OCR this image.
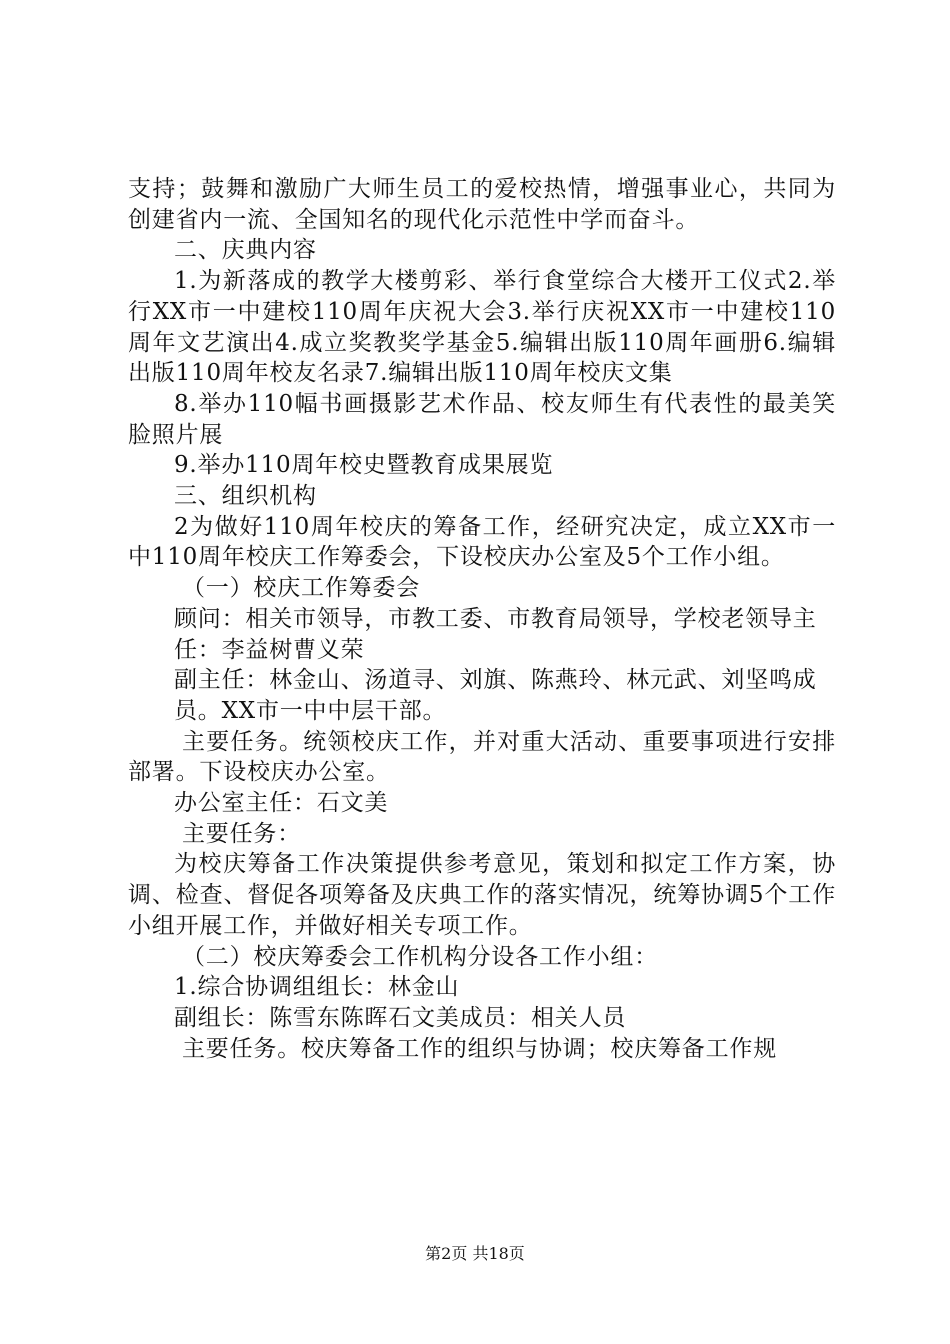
支持；鼓舞和激励广大师生员工的爱校热情，增强事业心，共同为创建省内一流、全国知名的现代化示范性中学而奋斗。

二、庆典内容

1.为新落成的教学大楼剪彩、举行食堂综合大楼开工仪式2.举行XX市一中建校110周年庆祝大会3.举行庆祝XX市一中建校110周年文艺演出4.成立奖教奖学基金5.编辑出版110周年画册6.编辑出版110周年校友名录7.编辑出版110周年校庆文集

8.举办110幅书画摄影艺术作品、校友师生有代表性的最美笑脸照片展

9.举办110周年校史暨教育成果展览

三、组织机构

2为做好110周年校庆的筹备工作，经研究决定，成立XX市一中110周年校庆工作筹委会，下设校庆办公室及5个工作小组。

（一）校庆工作筹委会

顾问：相关市领导，市教工委、市教育局领导，学校老领导主

任：李益树曹义荣

副主任：林金山、汤道寻、刘旗、陈燕玲、林元武、刘坚鸣成

员。XX市一中中层干部。

主要任务。统领校庆工作，并对重大活动、重要事项进行安排部署。下设校庆办公室。

办公室主任：石文美

主要任务：

为校庆筹备工作决策提供参考意见，策划和拟定工作方案，协调、检查、督促各项筹备及庆典工作的落实情况，统筹协调5个工作小组开展工作，并做好相关专项工作。

（二）校庆筹委会工作机构分设各工作小组：

1.综合协调组组长：林金山

副组长：陈雪东陈晖石文美成员：相关人员

主要任务。校庆筹备工作的组织与协调；校庆筹备工作规

第2页 共18页
